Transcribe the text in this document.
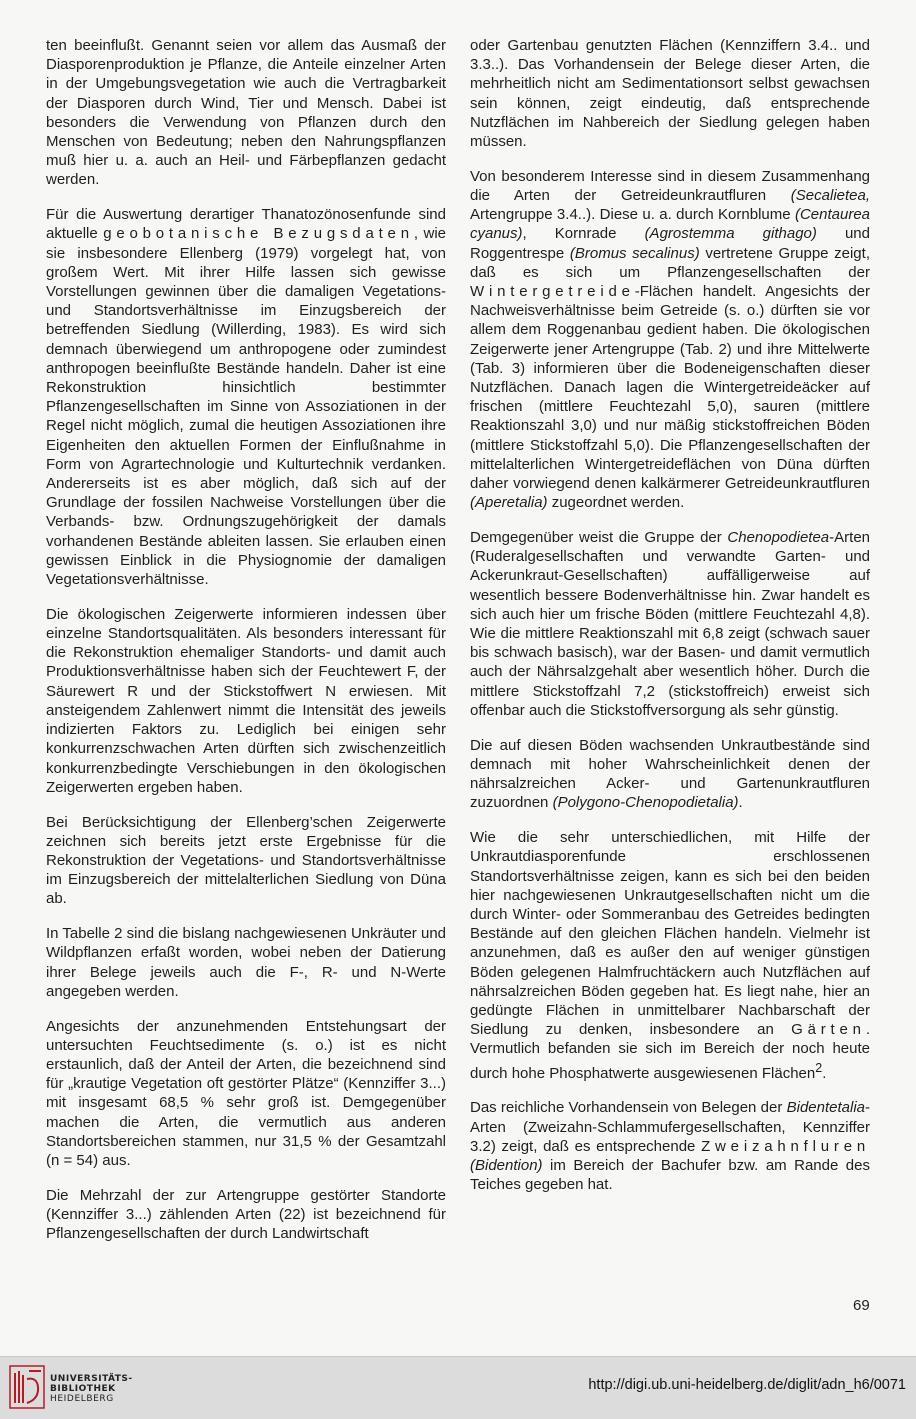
ten beeinflußt. Genannt seien vor allem das Ausmaß der Diasporenproduktion je Pflanze, die Anteile einzelner Arten in der Umgebungsvegetation wie auch die Vertragbarkeit der Diasporen durch Wind, Tier und Mensch. Dabei ist besonders die Verwendung von Pflanzen durch den Menschen von Bedeutung; neben den Nahrungspflanzen muß hier u. a. auch an Heil- und Färbepflanzen gedacht werden.

Für die Auswertung derartiger Thanatozönosenfunde sind aktuelle geobotanische Bezugsdaten, wie sie insbesondere Ellenberg (1979) vorgelegt hat, von großem Wert. Mit ihrer Hilfe lassen sich gewisse Vorstellungen gewinnen über die damaligen Vegetations- und Standortsverhältnisse im Einzugsbereich der betreffenden Siedlung (Willerding, 1983). Es wird sich demnach überwiegend um anthropogene oder zumindest anthropogen beeinflußte Bestände handeln. Daher ist eine Rekonstruktion hinsichtlich bestimmter Pflanzengesellschaften im Sinne von Assoziationen in der Regel nicht möglich, zumal die heutigen Assoziationen ihre Eigenheiten den aktuellen Formen der Einflußnahme in Form von Agrartechnologie und Kulturtechnik verdanken. Andererseits ist es aber möglich, daß sich auf der Grundlage der fossilen Nachweise Vorstellungen über die Verbands- bzw. Ordnungszugehörigkeit der damals vorhandenen Bestände ableiten lassen. Sie erlauben einen gewissen Einblick in die Physiognomie der damaligen Vegetationsverhältnisse.

Die ökologischen Zeigerwerte informieren indessen über einzelne Standortsqualitäten. Als besonders interessant für die Rekonstruktion ehemaliger Standorts- und damit auch Produktionsverhältnisse haben sich der Feuchtewert F, der Säurewert R und der Stickstoffwert N erwiesen. Mit ansteigendem Zahlenwert nimmt die Intensität des jeweils indizierten Faktors zu. Lediglich bei einigen sehr konkurrenzschwachen Arten dürften sich zwischenzeitlich konkurrenzbedingte Verschiebungen in den ökologischen Zeigerwerten ergeben haben.

Bei Berücksichtigung der Ellenberg’schen Zeigerwerte zeichnen sich bereits jetzt erste Ergebnisse für die Rekonstruktion der Vegetations- und Standortsverhältnisse im Einzugsbereich der mittelalterlichen Siedlung von Düna ab.

In Tabelle 2 sind die bislang nachgewiesenen Unkräuter und Wildpflanzen erfaßt worden, wobei neben der Datierung ihrer Belege jeweils auch die F-, R- und N-Werte angegeben werden.

Angesichts der anzunehmenden Entstehungsart der untersuchten Feuchtsedimente (s. o.) ist es nicht erstaunlich, daß der Anteil der Arten, die bezeichnend sind für „krautige Vegetation oft gestörter Plätze“ (Kennziffer 3...) mit insgesamt 68,5 % sehr groß ist. Demgegenüber machen die Arten, die vermutlich aus anderen Standortsbereichen stammen, nur 31,5 % der Gesamtzahl (n = 54) aus.

Die Mehrzahl der zur Artengruppe gestörter Standorte (Kennziffer 3...) zählenden Arten (22) ist bezeichnend für Pflanzengesellschaften der durch Landwirtschaft

oder Gartenbau genutzten Flächen (Kennziffern 3.4.. und 3.3..). Das Vorhandensein der Belege dieser Arten, die mehrheitlich nicht am Sedimentationsort selbst gewachsen sein können, zeigt eindeutig, daß entsprechende Nutzflächen im Nahbereich der Siedlung gelegen haben müssen.

Von besonderem Interesse sind in diesem Zusammenhang die Arten der Getreideunkrautfluren (Secalietea, Artengruppe 3.4..). Diese u. a. durch Kornblume (Centaurea cyanus), Kornrade (Agrostemma githago) und Roggentrespe (Bromus secalinus) vertretene Gruppe zeigt, daß es sich um Pflanzengesellschaften der Wintergetreide-Flächen handelt. Angesichts der Nachweisverhältnisse beim Getreide (s. o.) dürften sie vor allem dem Roggenanbau gedient haben. Die ökologischen Zeigerwerte jener Artengruppe (Tab. 2) und ihre Mittelwerte (Tab. 3) informieren über die Bodeneigenschaften dieser Nutzflächen. Danach lagen die Wintergetreideäcker auf frischen (mittlere Feuchtezahl 5,0), sauren (mittlere Reaktionszahl 3,0) und nur mäßig stickstoffreichen Böden (mittlere Stickstoffzahl 5,0). Die Pflanzengesellschaften der mittelalterlichen Wintergetreideflächen von Düna dürften daher vorwiegend denen kalkärmerer Getreideunkrautfluren (Aperetalia) zugeordnet werden.

Demgegenüber weist die Gruppe der Chenopodietea-Arten (Ruderalgesellschaften und verwandte Garten- und Ackerunkraut-Gesellschaften) auffälligerweise auf wesentlich bessere Bodenverhältnisse hin. Zwar handelt es sich auch hier um frische Böden (mittlere Feuchtezahl 4,8). Wie die mittlere Reaktionszahl mit 6,8 zeigt (schwach sauer bis schwach basisch), war der Basen- und damit vermutlich auch der Nährsalzgehalt aber wesentlich höher. Durch die mittlere Stickstoffzahl 7,2 (stickstoffreich) erweist sich offenbar auch die Stickstoffversorgung als sehr günstig.

Die auf diesen Böden wachsenden Unkrautbestände sind demnach mit hoher Wahrscheinlichkeit denen der nährsalzreichen Acker- und Gartenunkrautfluren zuzuordnen (Polygono-Chenopodietalia).

Wie die sehr unterschiedlichen, mit Hilfe der Unkrautdiasporenfunde erschlossenen Standortsverhältnisse zeigen, kann es sich bei den beiden hier nachgewiesenen Unkrautgesellschaften nicht um die durch Winter- oder Sommeranbau des Getreides bedingten Bestände auf den gleichen Flächen handeln. Vielmehr ist anzunehmen, daß es außer den auf weniger günstigen Böden gelegenen Halmfruchtäckern auch Nutzflächen auf nährsalzreichen Böden gegeben hat. Es liegt nahe, hier an gedüngte Flächen in unmittelbarer Nachbarschaft der Siedlung zu denken, insbesondere an Gärten. Vermutlich befanden sie sich im Bereich der noch heute durch hohe Phosphatwerte ausgewiesenen Flächen$^2$.

Das reichliche Vorhandensein von Belegen der Bidentetalia-Arten (Zweizahn-Schlammufergesellschaften, Kennziffer 3.2) zeigt, daß es entsprechende Zweizahnfluren (Bidention) im Bereich der Bachufer bzw. am Rande des Teiches gegeben hat.

69
UNIVERSITÄTS-
BIBLIOTHEK
HEIDELBERG
http://digi.ub.uni-heidelberg.de/diglit/adn_h6/0071
